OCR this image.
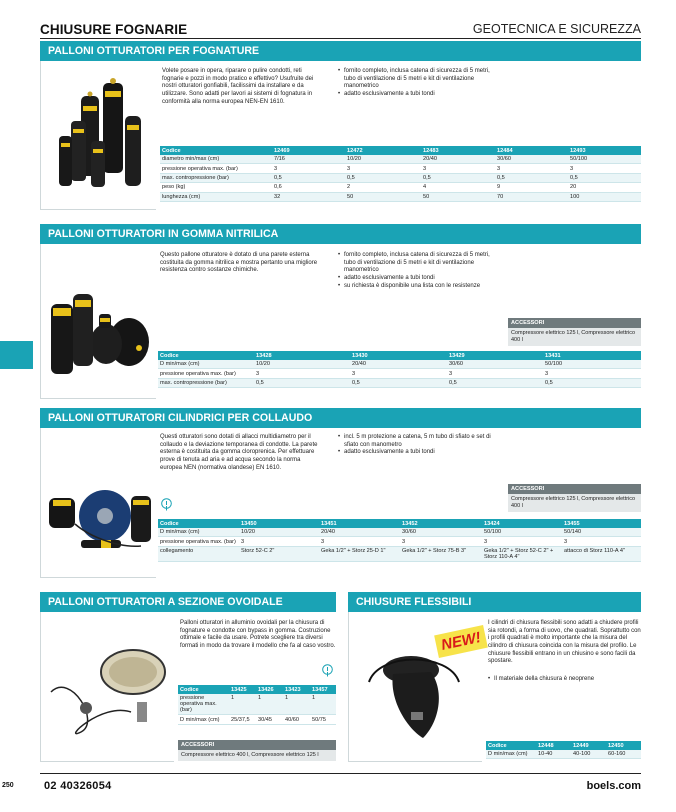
CHIUSURE FOGNARIE	GEOTECNICA E SICUREZZA
PALLONI OTTURATORI PER FOGNATURE
Volete posare in opera, riparare o pulire condotti, reti fognarie e pozzi in modo pratico e effettivo? Usufruite dei nostri otturatori gonfiabili, facilissimi da installare e da utilizzare. Sono adatti per lavori ai sistemi di fognatura in conformità alla norma europea NEN-EN 1610.
• fornito completo, inclusa catena di sicurezza di 5 metri, tubo di ventilazione di 5 metri e kit di ventilazione manometrico
• adatto esclusivamente a tubi tondi
Codice	12469	12472	12483	12484	12493
diametro min/max (cm)	7/16	10/20	20/40	30/60	50/100
pressione operativa max. (bar)	3	3	3	3	3
max. contropressione (bar)	0,5	0,5	0,5	0,5	0,5
peso (kg)	0,6	2	4	9	20
lunghezza (cm)	32	50	50	70	100
PALLONI OTTURATORI IN GOMMA NITRILICA
Questo pallone otturatore è dotato di una parete esterna costituita da gomma nitrilica e mostra pertanto una migliore resistenza contro sostanze chimiche.
• fornito completo, inclusa catena di sicurezza di 5 metri, tubo di ventilazione di 5 metri e kit di ventilazione manometrico
• adatto esclusivamente a tubi tondi
• su richiesta è disponibile una lista con le resistenze
ACCESSORI
Compressore elettrico 125 l, Compressore elettrico 400 l
Codice	13428	13430	13429	13431
D min/max (cm)	10/20	20/40	30/60	50/100
pressione operativa max. (bar)	3	3	3	3
max. contropressione (bar)	0,5	0,5	0,5	0,5
PALLONI OTTURATORI CILINDRICI PER COLLAUDO
Questi otturatori sono dotati di allacci multidiametro per il collaudo e la deviazione temporanea di condotte. La parete esterna è costituita da gomma cloroprenica. Per effettuare prove di tenuta ad aria e ad acqua secondo la norma europea NEN (normativa olandese) EN 1610.
• incl. 5 m protezione a catena, 5 m tubo di sfiato e set di sfiato con manometro
• adatto esclusivamente a tubi tondi
ACCESSORI
Compressore elettrico 125 l, Compressore elettrico 400 l
Codice	13450	13451	13452	13424	13455
D min/max (cm)	10/20	20/40	30/60	50/100	50/140
pressione operativa max. (bar)	3	3	3	3	3
collegamento	Storz 52-C 2"	Geka 1/2" + Storz 25-D 1"	Geka 1/2" + Storz 75-B 3"	Geka 1/2" + Storz 52-C 2" + Storz 110-A 4"	attacco di Storz 110-A 4"
PALLONI OTTURATORI A SEZIONE OVOIDALE
Palloni otturatori in alluminio ovoidali per la chiusura di fognature e condotte con bypass in gomma. Costruzione ottimale e facile da usare. Potrete scegliere tra diversi formati in modo da trovare il modello che fa al caso vostro.
Codice	13425	13426	13423	13457
pressione operativa max. (bar)	1	1	1	1
D min/max (cm)	25/37,5	30/45	40/60	50/75
ACCESSORI
Compressore elettrico 400 l, Compressore elettrico 125 l
CHIUSURE FLESSIBILI
NEW!
I cilindri di chiusura flessibili sono adatti a chiudere profili sia rotondi, a forma di uovo, che quadrati. Soprattutto con i profili quadrati è molto importante che la misura del cilindro di chiusura coincida con la misura del profilo. Le chiusure flessibili entrano in un chiusino e sono facili da spostare.
• Il materiale della chiusura è neoprene
Codice	12448	12449	12450
D min/max (cm)	10-40	40-100	60-160
250	02 40326054	boels.com
